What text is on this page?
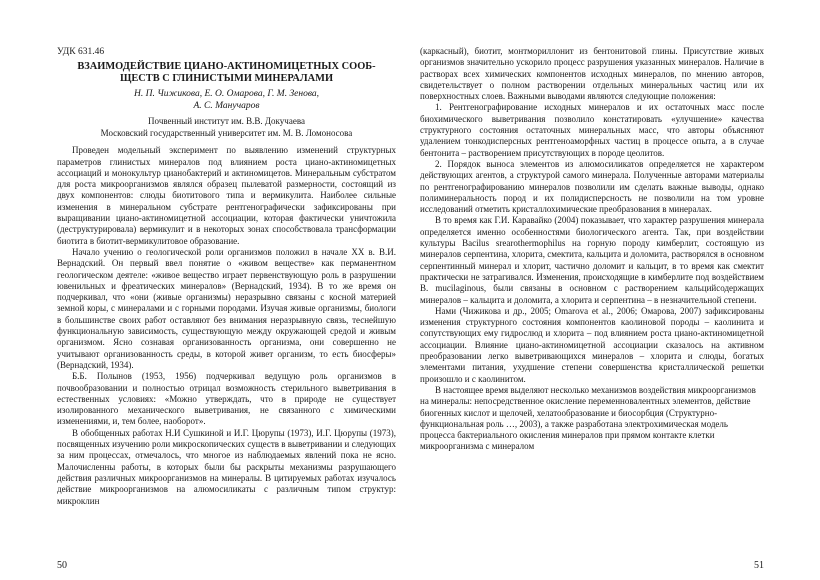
УДК 631.46
ВЗАИМОДЕЙСТВИЕ ЦИАНО-АКТИНОМИЦЕТНЫХ СООБ-
ЩЕСТВ С ГЛИНИСТЫМИ МИНЕРАЛАМИ
Н. П. Чижикова, Е. О. Омарова, Г. М. Зенова,
А. С. Манучаров
Почвенный институт им. В.В. Докучаева
Московский государственный университет им. М. В. Ломоносова

Проведен модельный эксперимент по выявлению изменений структурных параметров глинистых минералов под влиянием роста циано-актиномицетных ассоциаций и монокультур цианобактерий и актиномицетов. Минеральным субстратом для роста микроорганизмов являлся образец пылеватой размерности, состоящий из двух компонентов: слюды биотитового типа и вермикулита. Наиболее сильные изменения в минеральном субстрате рентгенографически зафиксированы при выращивании циано-актиномицетной ассоциации, которая фактически уничтожила (деструктурировала) вермикулит и в некоторых зонах способствовала трансформации биотита в биотит-вермикулитовое образование.

Начало учению о геологической роли организмов положил в начале XX в. В.И. Вернадский. Он первый ввел понятие о «живом веществе» как перманентном геологическом деятеле: «живое вещество играет первенствующую роль в разрушении ювенильных и фреатических минералов» (Вернадский, 1934). В то же время он подчеркивал, что «они (живые организмы) неразрывно связаны с косной материей земной коры, с минералами и с горными породами. Изучая живые организмы, биологи в большинстве своих работ оставляют без внимания неразрывную связь, теснейшую функциональную зависимость, существующую между окружающей средой и живым организмом. Ясно сознавая организованность организма, они совершенно не учитывают организованность среды, в которой живет организм, то есть биосферы» (Вернадский, 1934).

Б.Б. Полынов (1953, 1956) подчеркивал ведущую роль организмов в почвообразовании и полностью отрицал возможность стерильного выветривания в естественных условиях: «Можно утверждать, что в природе не существует изолированного механического выветривания, не связанного с химическими изменениями, и, тем более, наоборот».

В обобщенных работах Н.И Сушкиной и И.Г. Цюрупы (1973), И.Г. Цюрупы (1973), посвященных изучению роли микроскопических существ в выветривании и следующих за ним процессах, отмечалось, что многое из наблюдаемых явлений пока не ясно. Малочисленны работы, в которых были бы раскрыты механизмы разрушающего действия различных микроорганизмов на минералы. В цитируемых работах изучалось действие микроорганизмов на алюмосиликаты с различным типом структур: микроклин

50

(каркасный), биотит, монтмориллонит из бентонитовой глины. Присутствие живых организмов значительно ускорило процесс разрушения указанных минералов. Наличие в растворах всех химических компонентов исходных минералов, по мнению авторов, свидетельствует о полном растворении отдельных минеральных частиц или их поверхностных слоев. Важными выводами являются следующие положения:

1. Рентгенографирование исходных минералов и их остаточных масс после биохимического выветривания позволило констатировать «улучшение» качества структурного состояния остаточных минеральных масс, что авторы объясняют удалением тонкодисперсных рентгеноаморфных частиц в процессе опыта, а в случае бентонита – растворением присутствующих в породе цеолитов.

2. Порядок выноса элементов из алюмосиликатов определяется не характером действующих агентов, а структурой самого минерала. Полученные авторами материалы по рентгенографированию минералов позволили им сделать важные выводы, однако полиминеральность пород и их полидисперсность не позволили на том уровне исследований отметить кристаллохимические преобразования в минералах.

В то время как Г.И. Каравайко (2004) показывает, что характер разрушения минерала определяется именно особенностями биологического агента. Так, при воздействии культуры Bacilus srearothermophilus на горную породу кимберлит, состоящую из минералов серпентина, хлорита, смектита, кальцита и доломита, растворялся в основном серпентинный минерал и хлорит, частично доломит и кальцит, в то время как смектит практически не затрагивался. Изменения, происходящие в кимберлите под воздействием B. mucilaginous, были связаны в основном с растворением кальцийсодержащих минералов – кальцита и доломита, а хлорита и серпентина – в незначительной степени.

Нами (Чижикова и др., 2005; Omarova et al., 2006; Омарова, 2007) зафиксированы изменения структурного состояния компонентов каолиновой породы – каолинита и сопутствующих ему гидрослюд и хлорита – под влиянием роста циано-актиномицетной ассоциации. Влияние циано-актиномицетной ассоциации сказалось на активном преобразовании легко выветривающихся минералов – хлорита и слюды, богатых элементами питания, ухудшение степени совершенства кристаллической решетки произошло и с каолинитом.

В настоящее время выделяют несколько механизмов воздействия микроорганизмов на минералы: непосредственное окисление переменновалентных элементов, действие биогенных кислот и щелочей, хелатообразование и биосорбция (Структурно-функциональная роль …, 2003), а также разработана электрохимическая модель процесса бактериального окисления минералов при прямом контакте клетки микроорганизма с минералом

51
